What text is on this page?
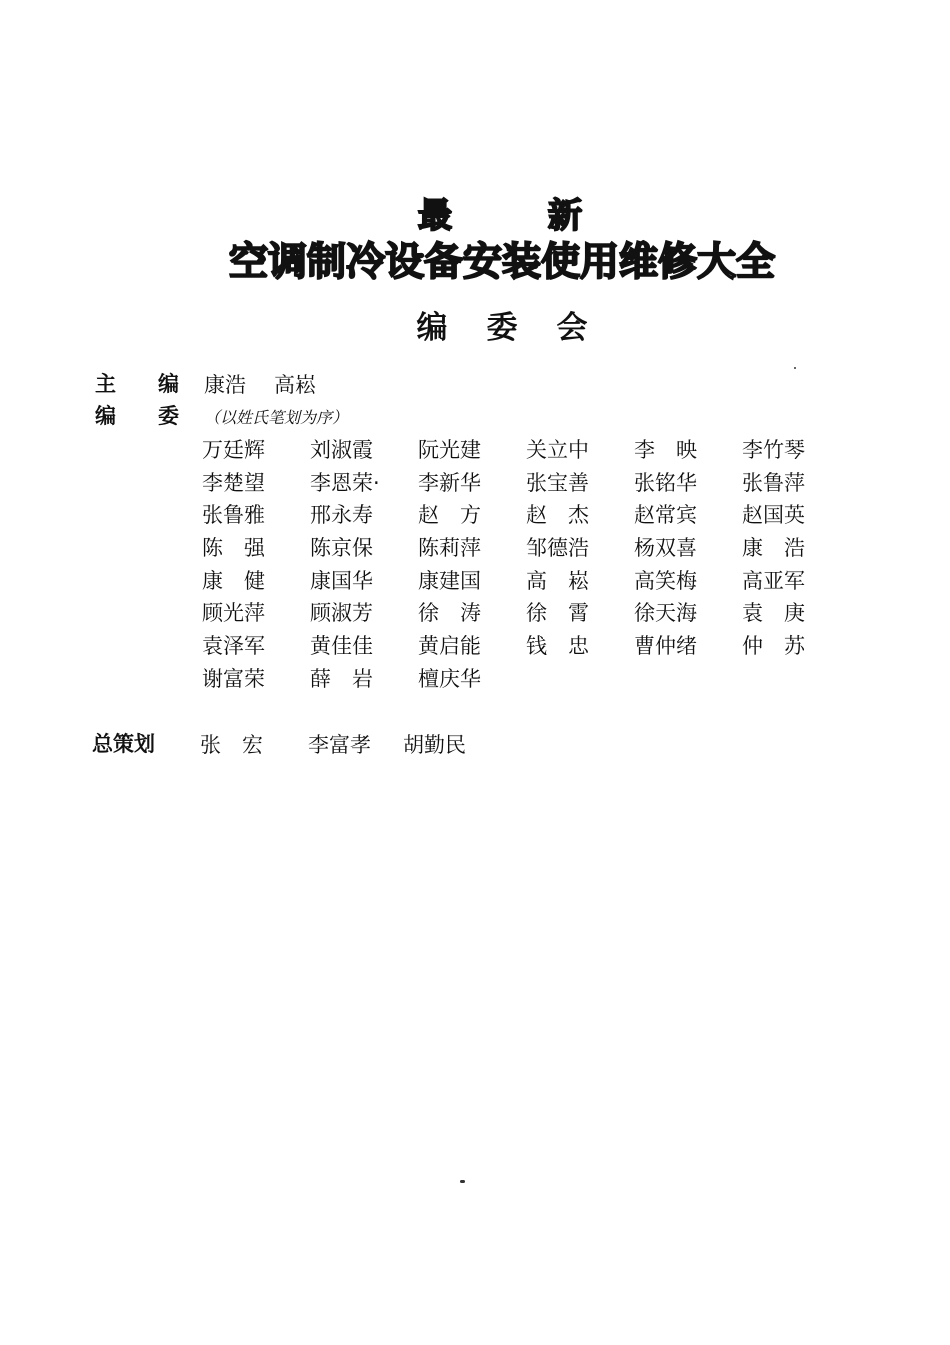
最	新
空调制冷设备安装使用维修大全
编 委 会
主 编 康浩 高崧
编 委 （以姓氏笔划为序）
万廷辉	刘淑霞	阮光建	关立中	李　映	李竹琴
李楚望	李恩荣·	李新华	张宝善	张铭华	张鲁萍
张鲁雅	邢永寿	赵　方	赵　杰	赵常宾	赵国英
陈　强	陈京保	陈莉萍	邹德浩	杨双喜	康　浩
康　健	康国华	康建国	高　崧	高笑梅	高亚军
顾光萍	顾淑芳	徐　涛	徐　霄	徐天海	袁　庚
袁泽军	黄佳佳	黄启能	钱　忠	曹仲绪	仲　苏
谢富荣	薛　岩	檀庆华
总策划	张　宏	李富孝 胡勤民
